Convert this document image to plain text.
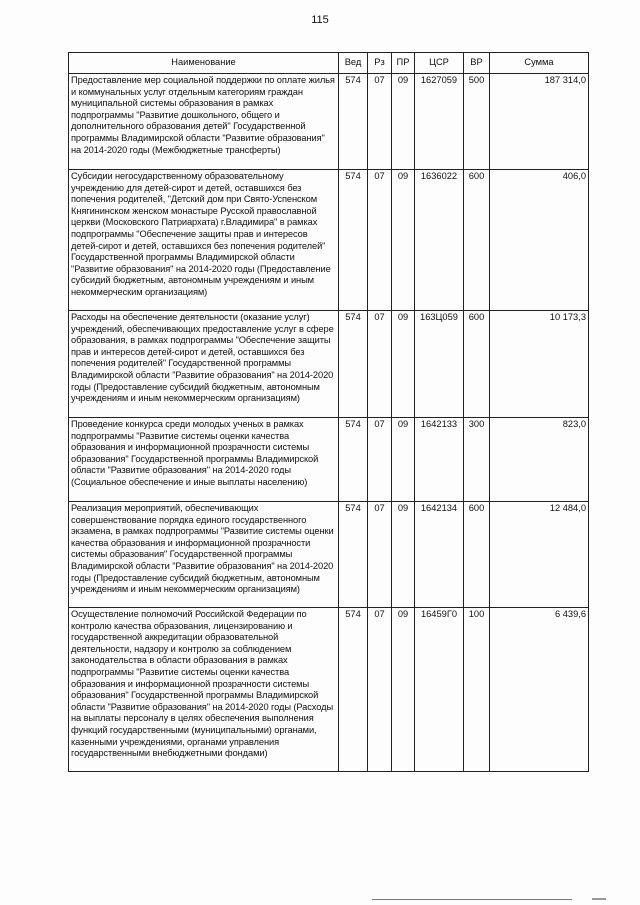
115
Наименование	Вед	Рз	ПР	ЦСР	ВР	Сумма
Предоставление мер социальной поддержки по оплате жилья и коммунальных услуг отдельным категориям граждан муниципальной системы образования в рамках подпрограммы "Развитие дошкольного, общего и дополнительного образования детей" Государственной программы Владимирской области "Развитие образования" на 2014-2020 годы (Межбюджетные трансферты)	574	07	09	1627059	500	187 314,0
Субсидии негосударственному образовательному учреждению для детей-сирот и детей, оставшихся без попечения родителей, "Детский дом при Свято-Успенском Княгининском женском монастыре Русской православной церкви (Московского Патриархата) г.Владимира" в рамках подпрограммы "Обеспечение защиты прав и интересов детей-сирот и детей, оставшихся без попечения родителей" Государственной программы Владимирской области "Развитие образования" на 2014-2020 годы (Предоставление субсидий бюджетным, автономным учреждениям и иным некоммерческим организациям)	574	07	09	1636022	600	406,0
Расходы на обеспечение деятельности (оказание услуг) учреждений, обеспечивающих предоставление услуг в сфере образования, в рамках подпрограммы "Обеспечение защиты прав и интересов детей-сирот и детей, оставшихся без попечения родителей" Государственной программы Владимирской области "Развитие образования" на 2014-2020 годы (Предоставление субсидий бюджетным, автономным учреждениям и иным некоммерческим организациям)	574	07	09	163Ц059	600	10 173,3
Проведение конкурса среди молодых ученых в рамках подпрограммы "Развитие системы оценки качества образования и информационной прозрачности системы образования" Государственной программы Владимирской области "Развитие образования" на 2014-2020 годы (Социальное обеспечение и иные выплаты населению)	574	07	09	1642133	300	823,0
Реализация мероприятий, обеспечивающих совершенствование порядка единого государственного экзамена, в рамках подпрограммы "Развитие системы оценки качества образования и информационной прозрачности системы образования" Государственной программы Владимирской области "Развитие образования" на 2014-2020 годы (Предоставление субсидий бюджетным, автономным учреждениям и иным некоммерческим организациям)	574	07	09	1642134	600	12 484,0
Осуществление полномочий Российской Федерации по контролю качества образования, лицензированию и государственной аккредитации образовательной деятельности, надзору и контролю за соблюдением законодательства в области образования в рамках подпрограммы "Развитие системы оценки качества образования и информационной прозрачности системы образования" Государственной программы Владимирской области "Развитие образования" на 2014-2020 годы (Расходы на выплаты персоналу в целях обеспечения выполнения функций государственными (муниципальными) органами, казенными учреждениями, органами управления государственными внебюджетными фондами)	574	07	09	16459Г0	100	6 439,6
